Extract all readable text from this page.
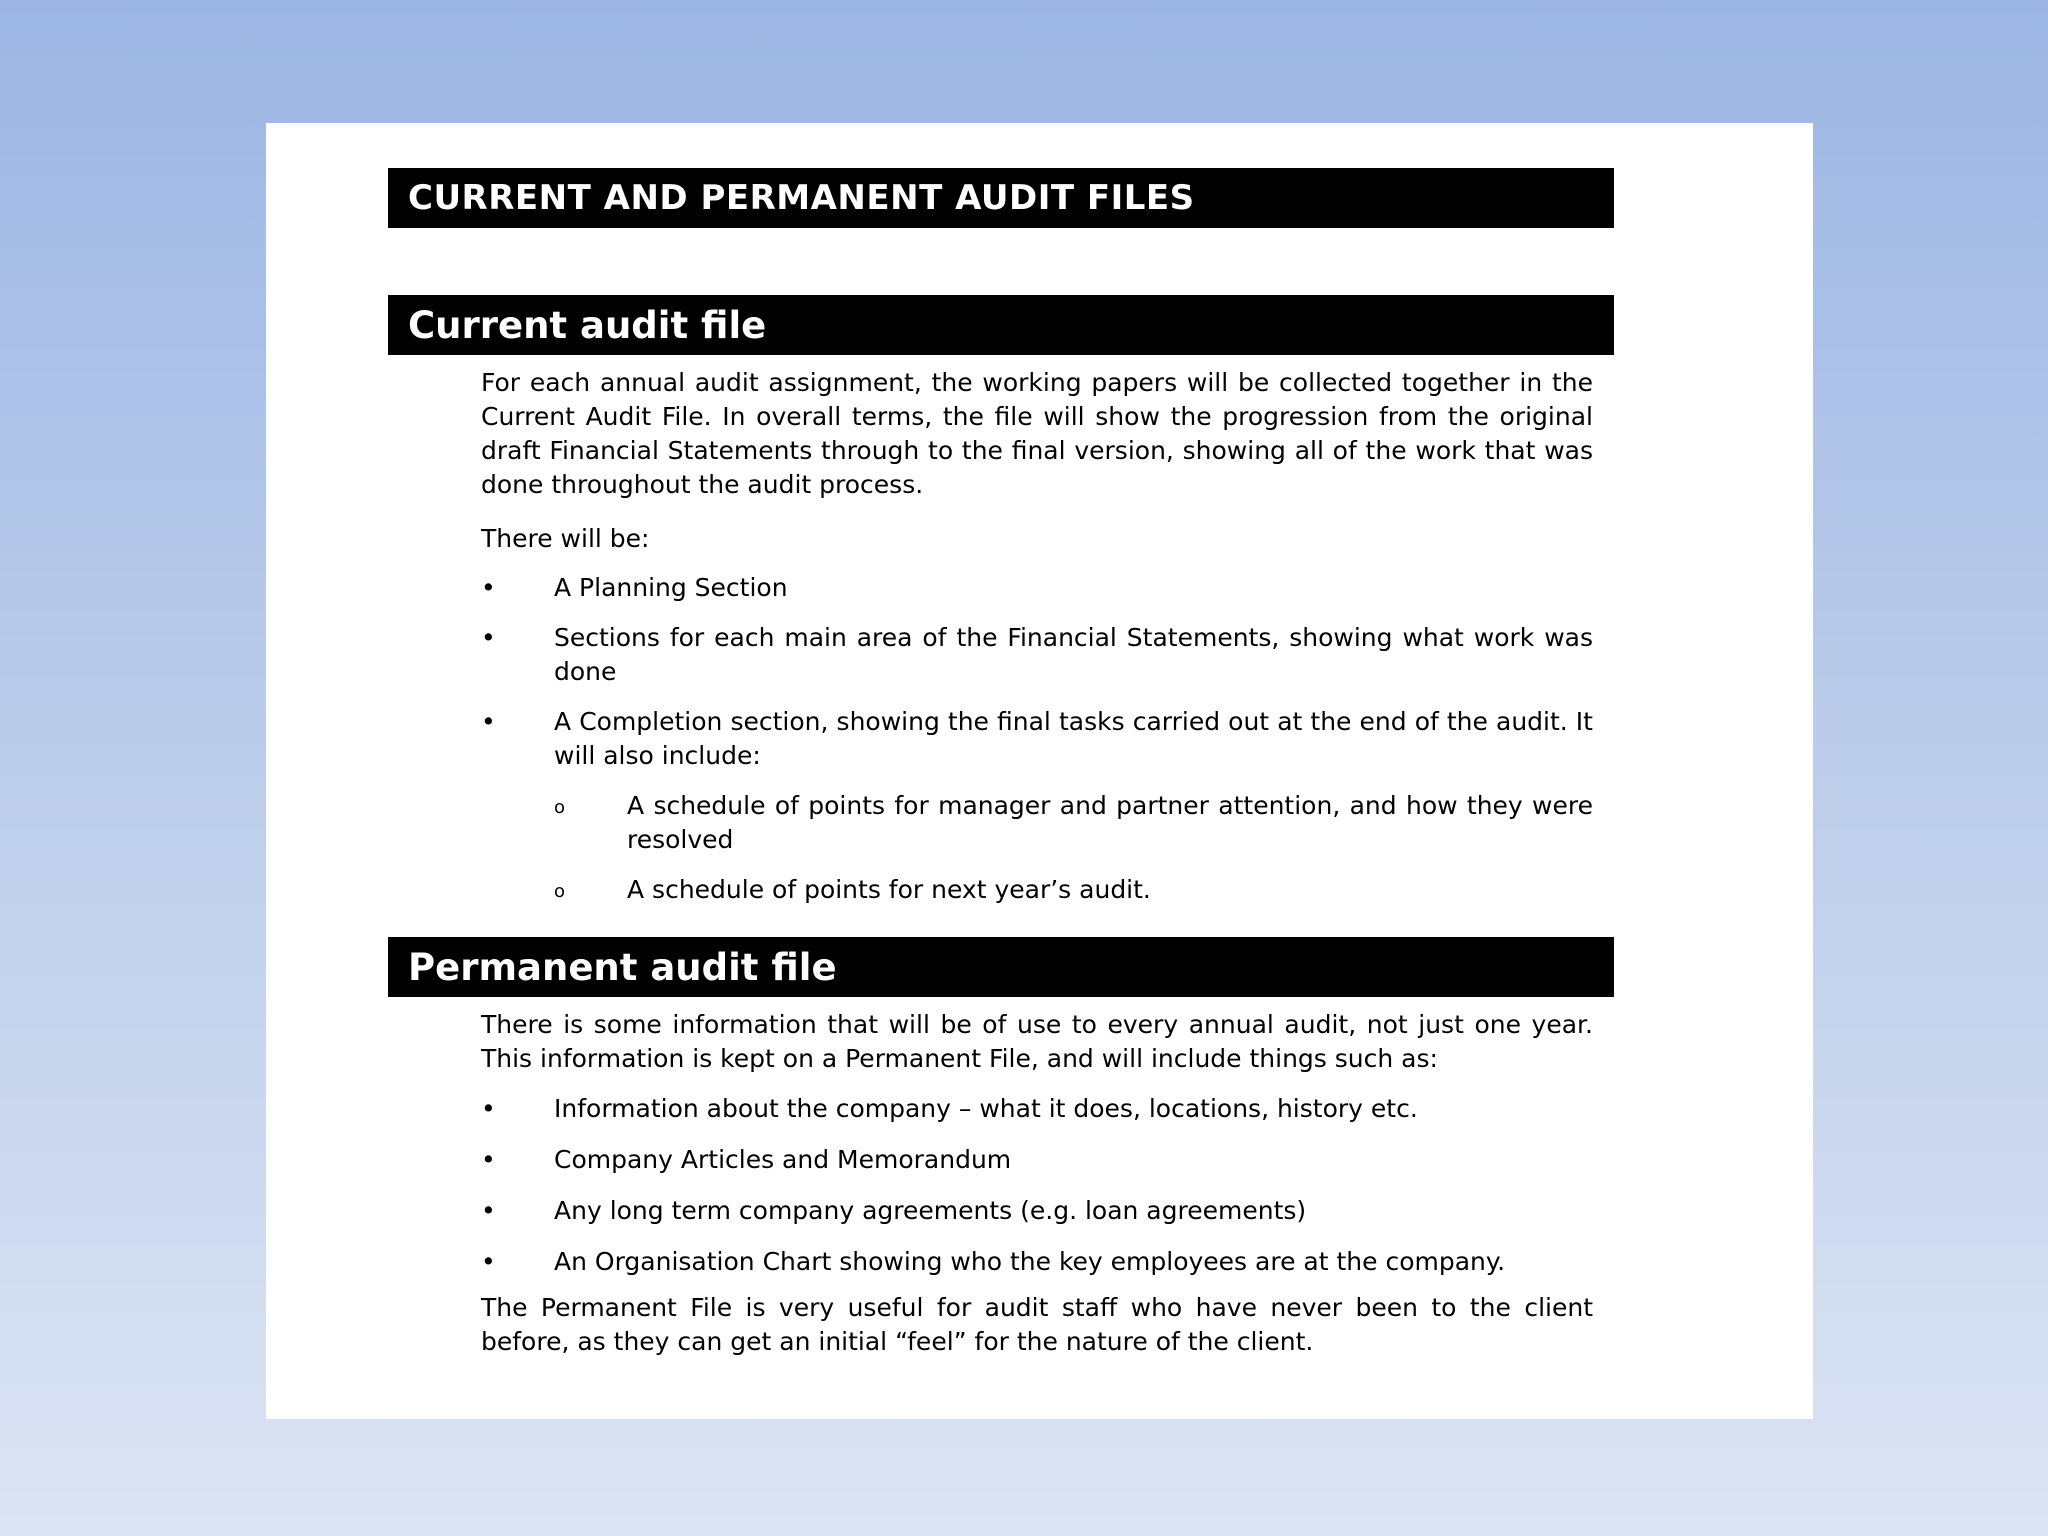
CURRENT AND PERMANENT AUDIT FILES
Current audit file

For each annual audit assignment, the working papers will be collected together in the Current Audit File. In overall terms, the file will show the progression from the original draft Financial Statements through to the final version, showing all of the work that was done throughout the audit process.

There will be:

• A Planning Section
• Sections for each main area of the Financial Statements, showing what work was done
• A Completion section, showing the final tasks carried out at the end of the audit. It will also include:
o A schedule of points for manager and partner attention, and how they were resolved
o A schedule of points for next year’s audit.
Permanent audit file

There is some information that will be of use to every annual audit, not just one year. This information is kept on a Permanent File, and will include things such as:

• Information about the company – what it does, locations, history etc.
• Company Articles and Memorandum
• Any long term company agreements (e.g. loan agreements)
• An Organisation Chart showing who the key employees are at the company.

The Permanent File is very useful for audit staff who have never been to the client before, as they can get an initial “feel” for the nature of the client.
